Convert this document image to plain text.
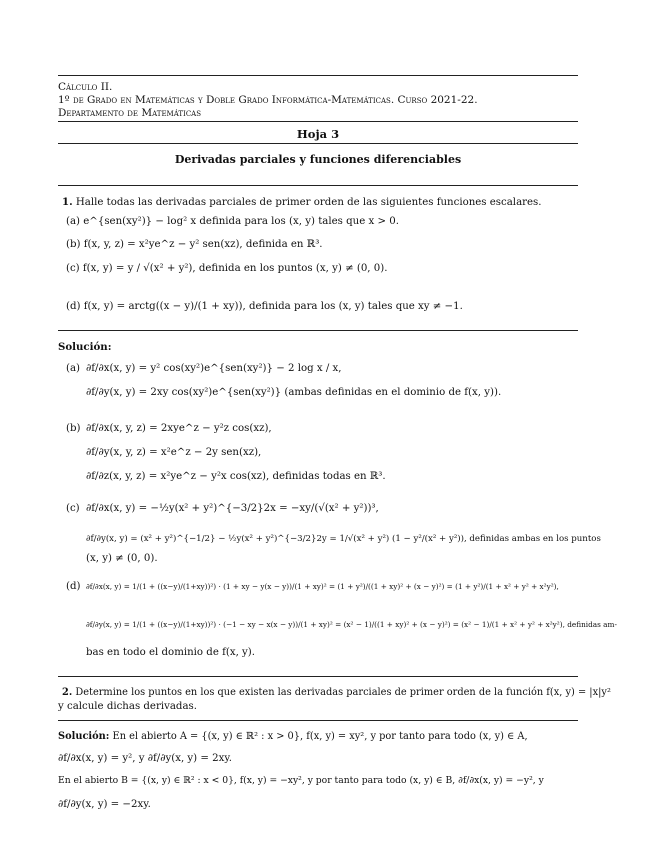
Cálculo II.
1º de Grado en Matemáticas y Doble Grado Informática-Matemáticas. Curso 2021-22.
Departamento de Matemáticas
Hoja 3
Derivadas parciales y funciones diferenciables
1. Halle todas las derivadas parciales de primer orden de las siguientes funciones escalares.
(a) e^{sen(xy²)} − log² x definida para los (x, y) tales que x > 0.
(b) f(x, y, z) = x²ye^z − y² sen(xz), definida en ℝ³.
(c) f(x, y) = y / √(x² + y²), definida en los puntos (x, y) ≠ (0, 0).
(d) f(x, y) = arctg((x − y)/(1 + xy)), definida para los (x, y) tales que xy ≠ −1.
Solución:
(a) ∂f/∂x(x, y) = y² cos(xy²)e^{sen(xy²)} − 2 log x / x,
∂f/∂y(x, y) = 2xy cos(xy²)e^{sen(xy²)} (ambas definidas en el dominio de f(x, y)).
(b) ∂f/∂x(x, y, z) = 2xye^z − y²z cos(xz),
∂f/∂y(x, y, z) = x²e^z − 2y sen(xz),
∂f/∂z(x, y, z) = x²ye^z − y²x cos(xz), definidas todas en ℝ³.
(c) ∂f/∂x(x, y) = −½y(x² + y²)^{−3/2}2x = −xy/(√(x² + y²))³,
∂f/∂y(x, y) = (x² + y²)^{−1/2} − ½y(x² + y²)^{−3/2}2y = 1/√(x² + y²) (1 − y²/(x² + y²)), definidas ambas en los puntos
(x, y) ≠ (0, 0).
(d) ∂f/∂x(x, y) = 1/(1 + ((x−y)/(1+xy))²) · (1 + xy − y(x − y))/(1 + xy)² = (1 + y²)/((1 + xy)² + (x − y)²) = (1 + y²)/(1 + x² + y² + x²y²),
∂f/∂y(x, y) = 1/(1 + ((x−y)/(1+xy))²) · (−1 − xy − x(x − y))/(1 + xy)² = (x² − 1)/((1 + xy)² + (x − y)²) = (x² − 1)/(1 + x² + y² + x²y²), definidas am-
bas en todo el dominio de f(x, y).
2. Determine los puntos en los que existen las derivadas parciales de primer orden de la función f(x, y) = |x|y²
y calcule dichas derivadas.
Solución: En el abierto A = {(x, y) ∈ ℝ² : x > 0}, f(x, y) = xy², y por tanto para todo (x, y) ∈ A,
∂f/∂x(x, y) = y², y ∂f/∂y(x, y) = 2xy.
En el abierto B = {(x, y) ∈ ℝ² : x < 0}, f(x, y) = −xy², y por tanto para todo (x, y) ∈ B, ∂f/∂x(x, y) = −y², y
∂f/∂y(x, y) = −2xy.
